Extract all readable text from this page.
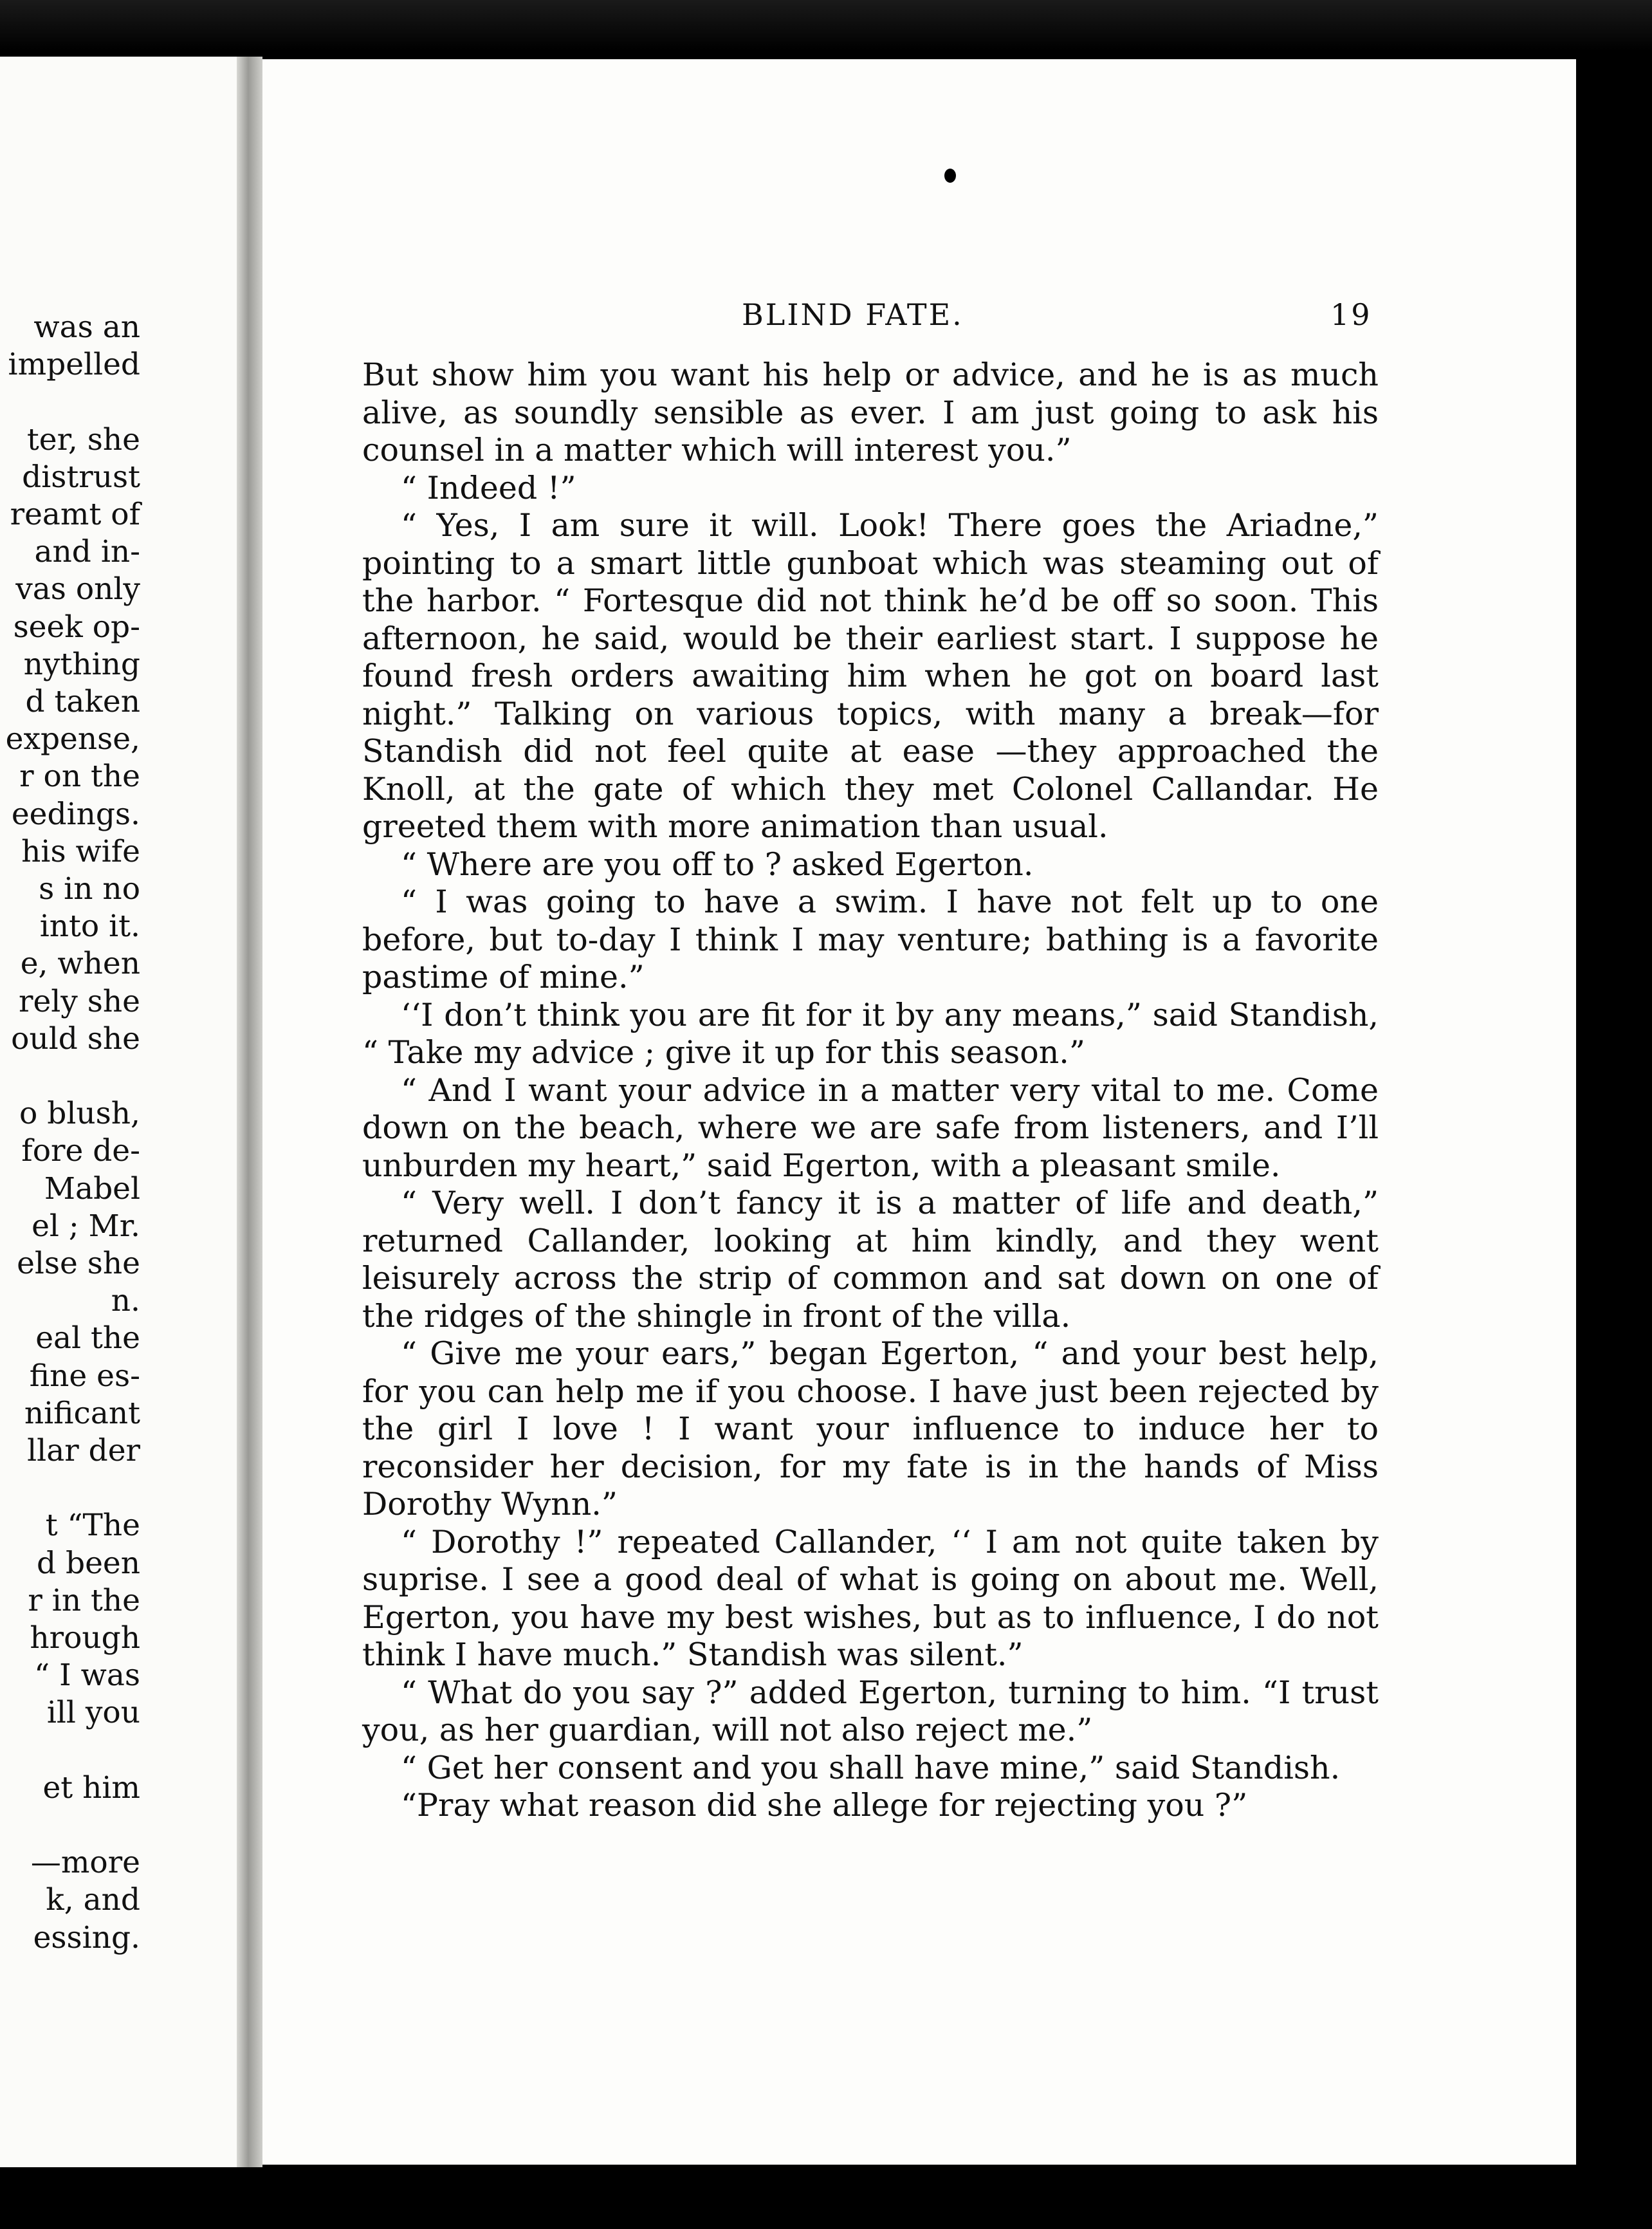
was an
impelled
ter, she
distrust
reamt of
and in-
vas only
seek op-
nything
d taken
expense,
r on the
eedings.
his wife
s in no
into it.
e, when
rely she
ould she
o blush,
fore de-
Mabel
el ; Mr.
else she
n.
eal the
fine es-
nificant
llar der
t “The
d been
r in the
hrough
“ I was
ill you
et him
—more
k, and
essing.
BLIND FATE.	19

But show him you want his help or advice, and he is as much alive, as soundly sensible as ever. I am just going to ask his counsel in a matter which will interest you.”

“ Indeed !”

“ Yes, I am sure it will. Look! There goes the Ariadne,” pointing to a smart little gunboat which was steaming out of the harbor. “ Fortesque did not think he’d be off so soon. This afternoon, he said, would be their earliest start. I suppose he found fresh orders awaiting him when he got on board last night.” Talking on various topics, with many a break—for Standish did not feel quite at ease —they approached the Knoll, at the gate of which they met Colonel Callandar. He greeted them with more animation than usual.

“ Where are you off to ? asked Egerton.

“ I was going to have a swim. I have not felt up to one before, but to-day I think I may venture; bathing is a favorite pastime of mine.”

‘‘I don’t think you are fit for it by any means,” said Standish, “ Take my advice ; give it up for this season.”

“ And I want your advice in a matter very vital to me. Come down on the beach, where we are safe from listeners, and I’ll unburden my heart,” said Egerton, with a pleasant smile.

“ Very well. I don’t fancy it is a matter of life and death,” returned Callander, looking at him kindly, and they went leisurely across the strip of common and sat down on one of the ridges of the shingle in front of the villa.

“ Give me your ears,” began Egerton, “ and your best help, for you can help me if you choose. I have just been rejected by the girl I love ! I want your influence to induce her to reconsider her decision, for my fate is in the hands of Miss Dorothy Wynn.”

“ Dorothy !” repeated Callander, ‘‘ I am not quite taken by suprise. I see a good deal of what is going on about me. Well, Egerton, you have my best wishes, but as to influence, I do not think I have much.” Standish was silent.”

“ What do you say ?” added Egerton, turning to him. “I trust you, as her guardian, will not also reject me.”

“ Get her consent and you shall have mine,” said Standish.

“Pray what reason did she allege for rejecting you ?”
